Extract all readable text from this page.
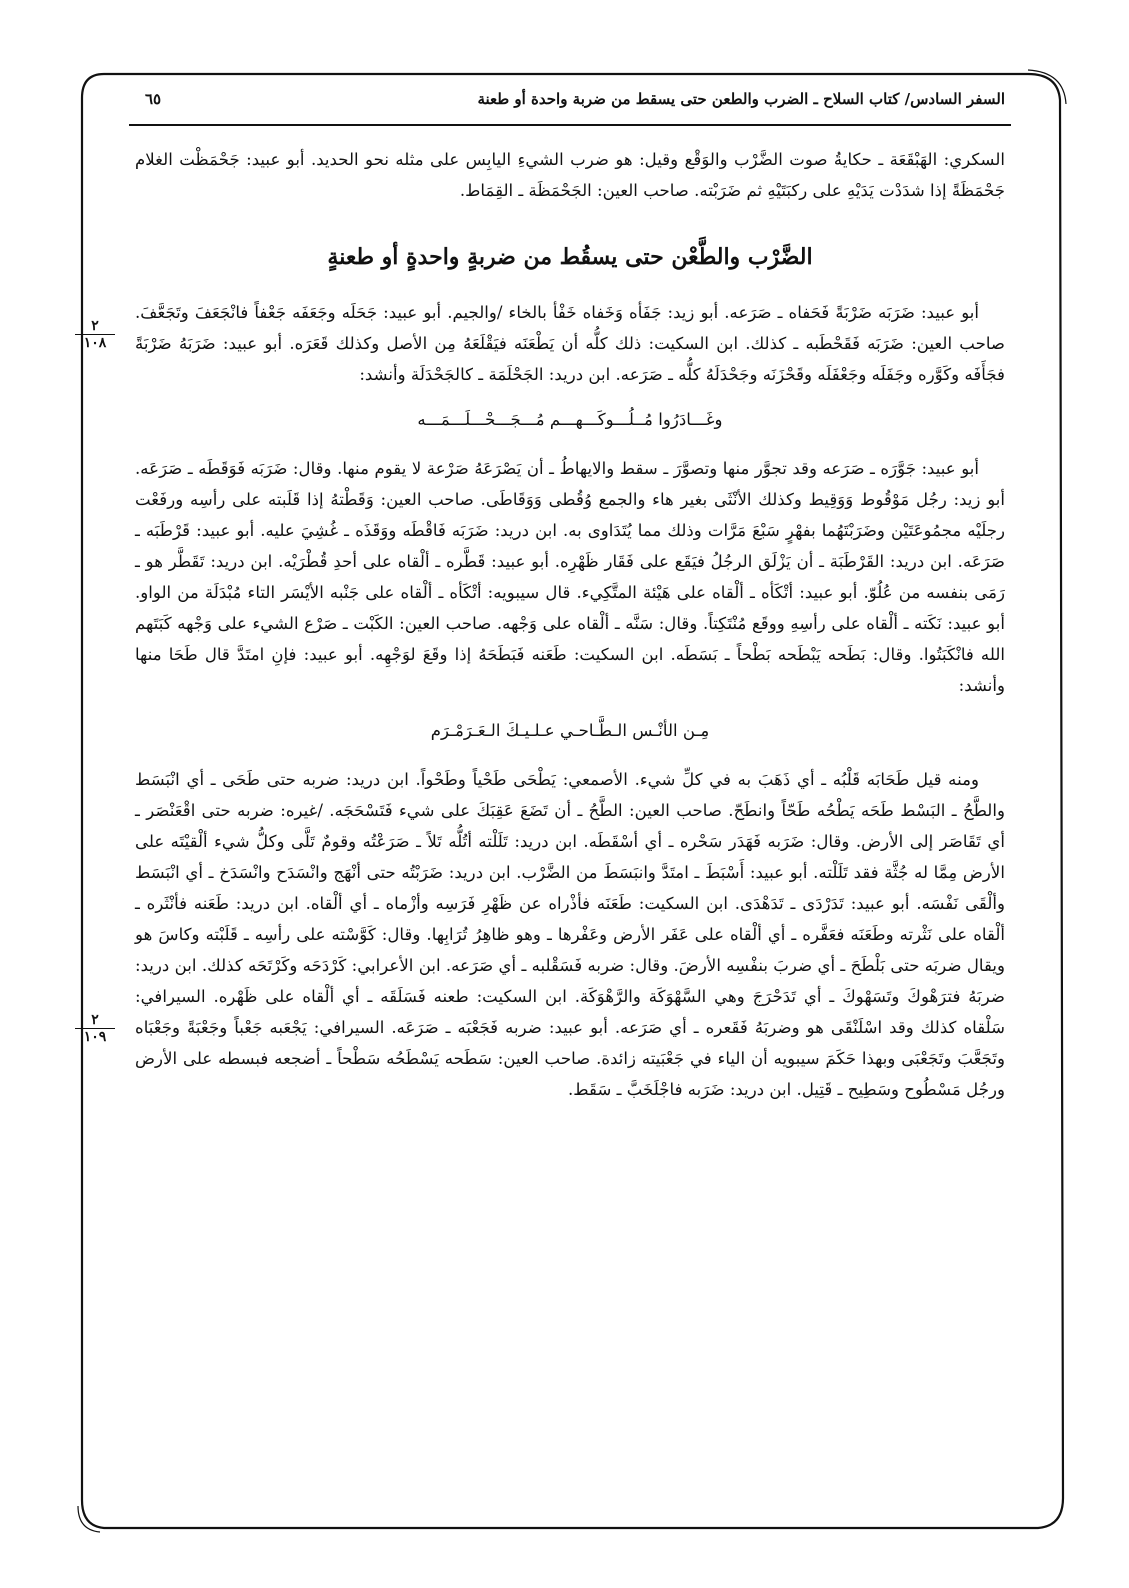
السفر السادس/ كتاب السلاح ـ الضرب والطعن حتى يسقط من ضربة واحدة أو طعنة
٦٥

السكري: الهَبْقَعَة ـ حكايةُ صوت الضَّرْب والوَقْع وقيل: هو ضرب الشيءِ اليابِس على مثله نحو الحديد. أبو عبيد: جَحْمَظْت الغلام جَحْمَظَةً إذا شدَدْت يَدَيْهِ على ركبَتَيْهِ ثم ضَرَبْته. صاحب العين: الجَحْمَظَة ـ القِمَاط.

الضَّرْب والطَّعْن حتى يسقُط من ضربةٍ واحدةٍ أو طعنةٍ

أبو عبيد: ضَرَبَه ضَرْبَةً فَحَفاه ـ صَرَعه. أبو زيد: جَفَأه وَخَفاه خَفْأ بالخاء /والجيم. أبو عبيد: جَحَلَه وجَعَفَه جَعْفاً فانْجَعَفَ وتَجَعَّفَ. صاحب العين: ضَرَبَه فَقَحْطَبه ـ كذلك. ابن السكيت: ذلك كلُّه أن يَطْعَنَه فيَقْلَعَهُ مِن الأصل وكذلك قَعَرَه. أبو عبيد: ضَرَبَهُ ضَرْبَةً فجَأَفَه وكَوَّره وجَفَلَه وجَعْفَلَه وقَحْزَنَه وجَحْدَلَهُ كلُّه ـ صَرَعه. ابن دريد: الجَحْلَمَة ـ كالجَحْدَلَة وأنشد:

وغَـــادَرُوا مُــلُـــوكَـــهـــم مُـــجَـــحْـــلَـــمَـــه

أبو عبيد: جَوَّرَه ـ صَرَعه وقد تجوَّر منها وتصوَّرَ ـ سقط والايهاطُ ـ أن يَصْرَعَهُ صَرْعة لا يقوم منها. وقال: ضَرَبَه فَوَقَطَه ـ صَرَعَه. أبو زيد: رجُل مَوْقُوط وَوَقِيط وكذلك الأنْثَى بغير هاء والجمع وُقُطى وَوَقَاطَى. صاحب العين: وَقَطْتهُ إذا قَلَبته على رأسِه ورفَعْت رجلَيْه مجمُوعَتَيْن وضَرَبْتَهُما بفهْرٍ سَبْعَ مَرَّات وذلك مما يُتَدَاوى به. ابن دريد: ضَرَبَه فَاقْطَه ووَقَذَه ـ غُشِيَ عليه. أبو عبيد: قَرْطَبَه ـ صَرَعَه. ابن دريد: القَرْطَبَة ـ أن يَزْلَق الرجُلُ فيَقَع على فَقَار ظَهْرِه. أبو عبيد: قَطَّره ـ ألْقاه على أحدِ قُطْرَيْه. ابن دريد: تَقَطَّر هو ـ رَمَى بنفسه من عُلُوّ. أبو عبيد: أتْكَأه ـ ألْقاه على هَيْئة المتَّكِيء. قال سيبويه: أتْكَأه ـ ألْقاه على جَنْبه الأيْسَر التاء مُبْدَلَة من الواو. أبو عبيد: نَكَته ـ ألْقاه على رأسِهِ ووقَع مُنْتَكِتاً. وقال: سَنَّه ـ ألْقاه على وَجْهه. صاحب العين: الكَبْت ـ صَرْع الشيء على وَجْهه كَبَتَهم الله فانْكَبَتُوا. وقال: بَطَحه يَبْطَحه بَطْحاً ـ بَسَطَه. ابن السكيت: طَعَنه فَبَطَحَهُ إذا وقَعَ لوَجْهِه. أبو عبيد: فإنِ امتَدَّ قال طَحَا منها وأنشد:

مِـن الأنْـس الـطَّـاحـي عـلـيـكَ الـعَـرَمْـرَم

ومنه قيل طَحَابَه قَلْبُه ـ أي ذَهَبَ به في كلِّ شيء. الأصمعي: يَطْحَى طَحْياً وطَحْواً. ابن دريد: ضربه حتى طَحَى ـ أي انْبَسَط والطَّحُ ـ البَسْط طَحَه يَطْحُه طَحّاً وانطَحّ. صاحب العين: الطَّحُ ـ أن تَضَعَ عَقِبَكَ على شيء فَتَسْحَجَه. /غيره: ضربه حتى اقْعَنْصَر ـ أي تَقَاصَر إلى الأرض. وقال: ضَرَبه فَهَدَر سَحْره ـ أي أسْقَطَه. ابن دريد: تَلَلْته أتُلُّه تَلاً ـ صَرَعْتُه وقومٌ تَلَّى وكلُّ شيء ألْقيْتَه على الأرض مِمَّا له جُثَّة فقد تَلَلْته. أبو عبيد: أَسْبَطَ ـ امتَدَّ وانبَسَطَ من الضَّرْب. ابن دريد: ضَرَبْتُه حتى أنْهَج وانْسَدَح وانْسَدَخ ـ أي انْبَسَط وألْقَى نَفْسَه. أبو عبيد: تَدَرْدَى ـ تَدَهْدَى. ابن السكيت: طَعَنَه فأذْراه عن ظَهْرِ فَرَسِه وأزْماه ـ أي ألْقاه. ابن دريد: طَعَنه فأنْثَره ـ ألْقاه على نَثْرته وطَعَنَه فعَفَّره ـ أي ألْقاه على عَفَر الأرض وعَفْرها ـ وهو ظاهِرُ تُرَابِها. وقال: كَوَّسْته على رأسِه ـ قَلَبْته وكاسَ هو ويقال ضربَه حتى بَلْطَحَ ـ أي ضربَ بنفْسِه الأرضَ. وقال: ضربه فَسَقْلبه ـ أي صَرَعه. ابن الأعرابي: كَرْدَحَه وكَرْتَحَه كذلك. ابن دريد: ضربَهُ فترَهْوكَ وتَسَهْوكَ ـ أي تَدَحْرَجَ وهي السَّهْوَكَة والرَّهْوَكَة. ابن السكيت: طعنه فَسَلَقَه ـ أي ألْقاه على ظَهْره. السيرافي: سَلْقاه كذلك وقد اسْلَنْقَى هو وضربَهُ فَقَعره ـ أي صَرَعه. أبو عبيد: ضربه فَجَعْبَه ـ صَرَعَه. السيرافي: يَجْعَبه جَعْباً وجَعْبَةً وجَعْبَاه وتَجَعَّبَ وتَجَعْبَى وبهذا حَكَمَ سيبويه أن الياء في جَعْبَيته زائدة. صاحب العين: سَطَحه يَسْطَحُه سَطْحاً ـ أضجعه فبسطه على الأرض ورجُل مَسْطُوح وسَطِيح ـ قَتِيل. ابن دريد: ضَرَبه فاجْلَخَبَّ ـ سَقَط.

٢
١٠٨
٢
١٠٩
